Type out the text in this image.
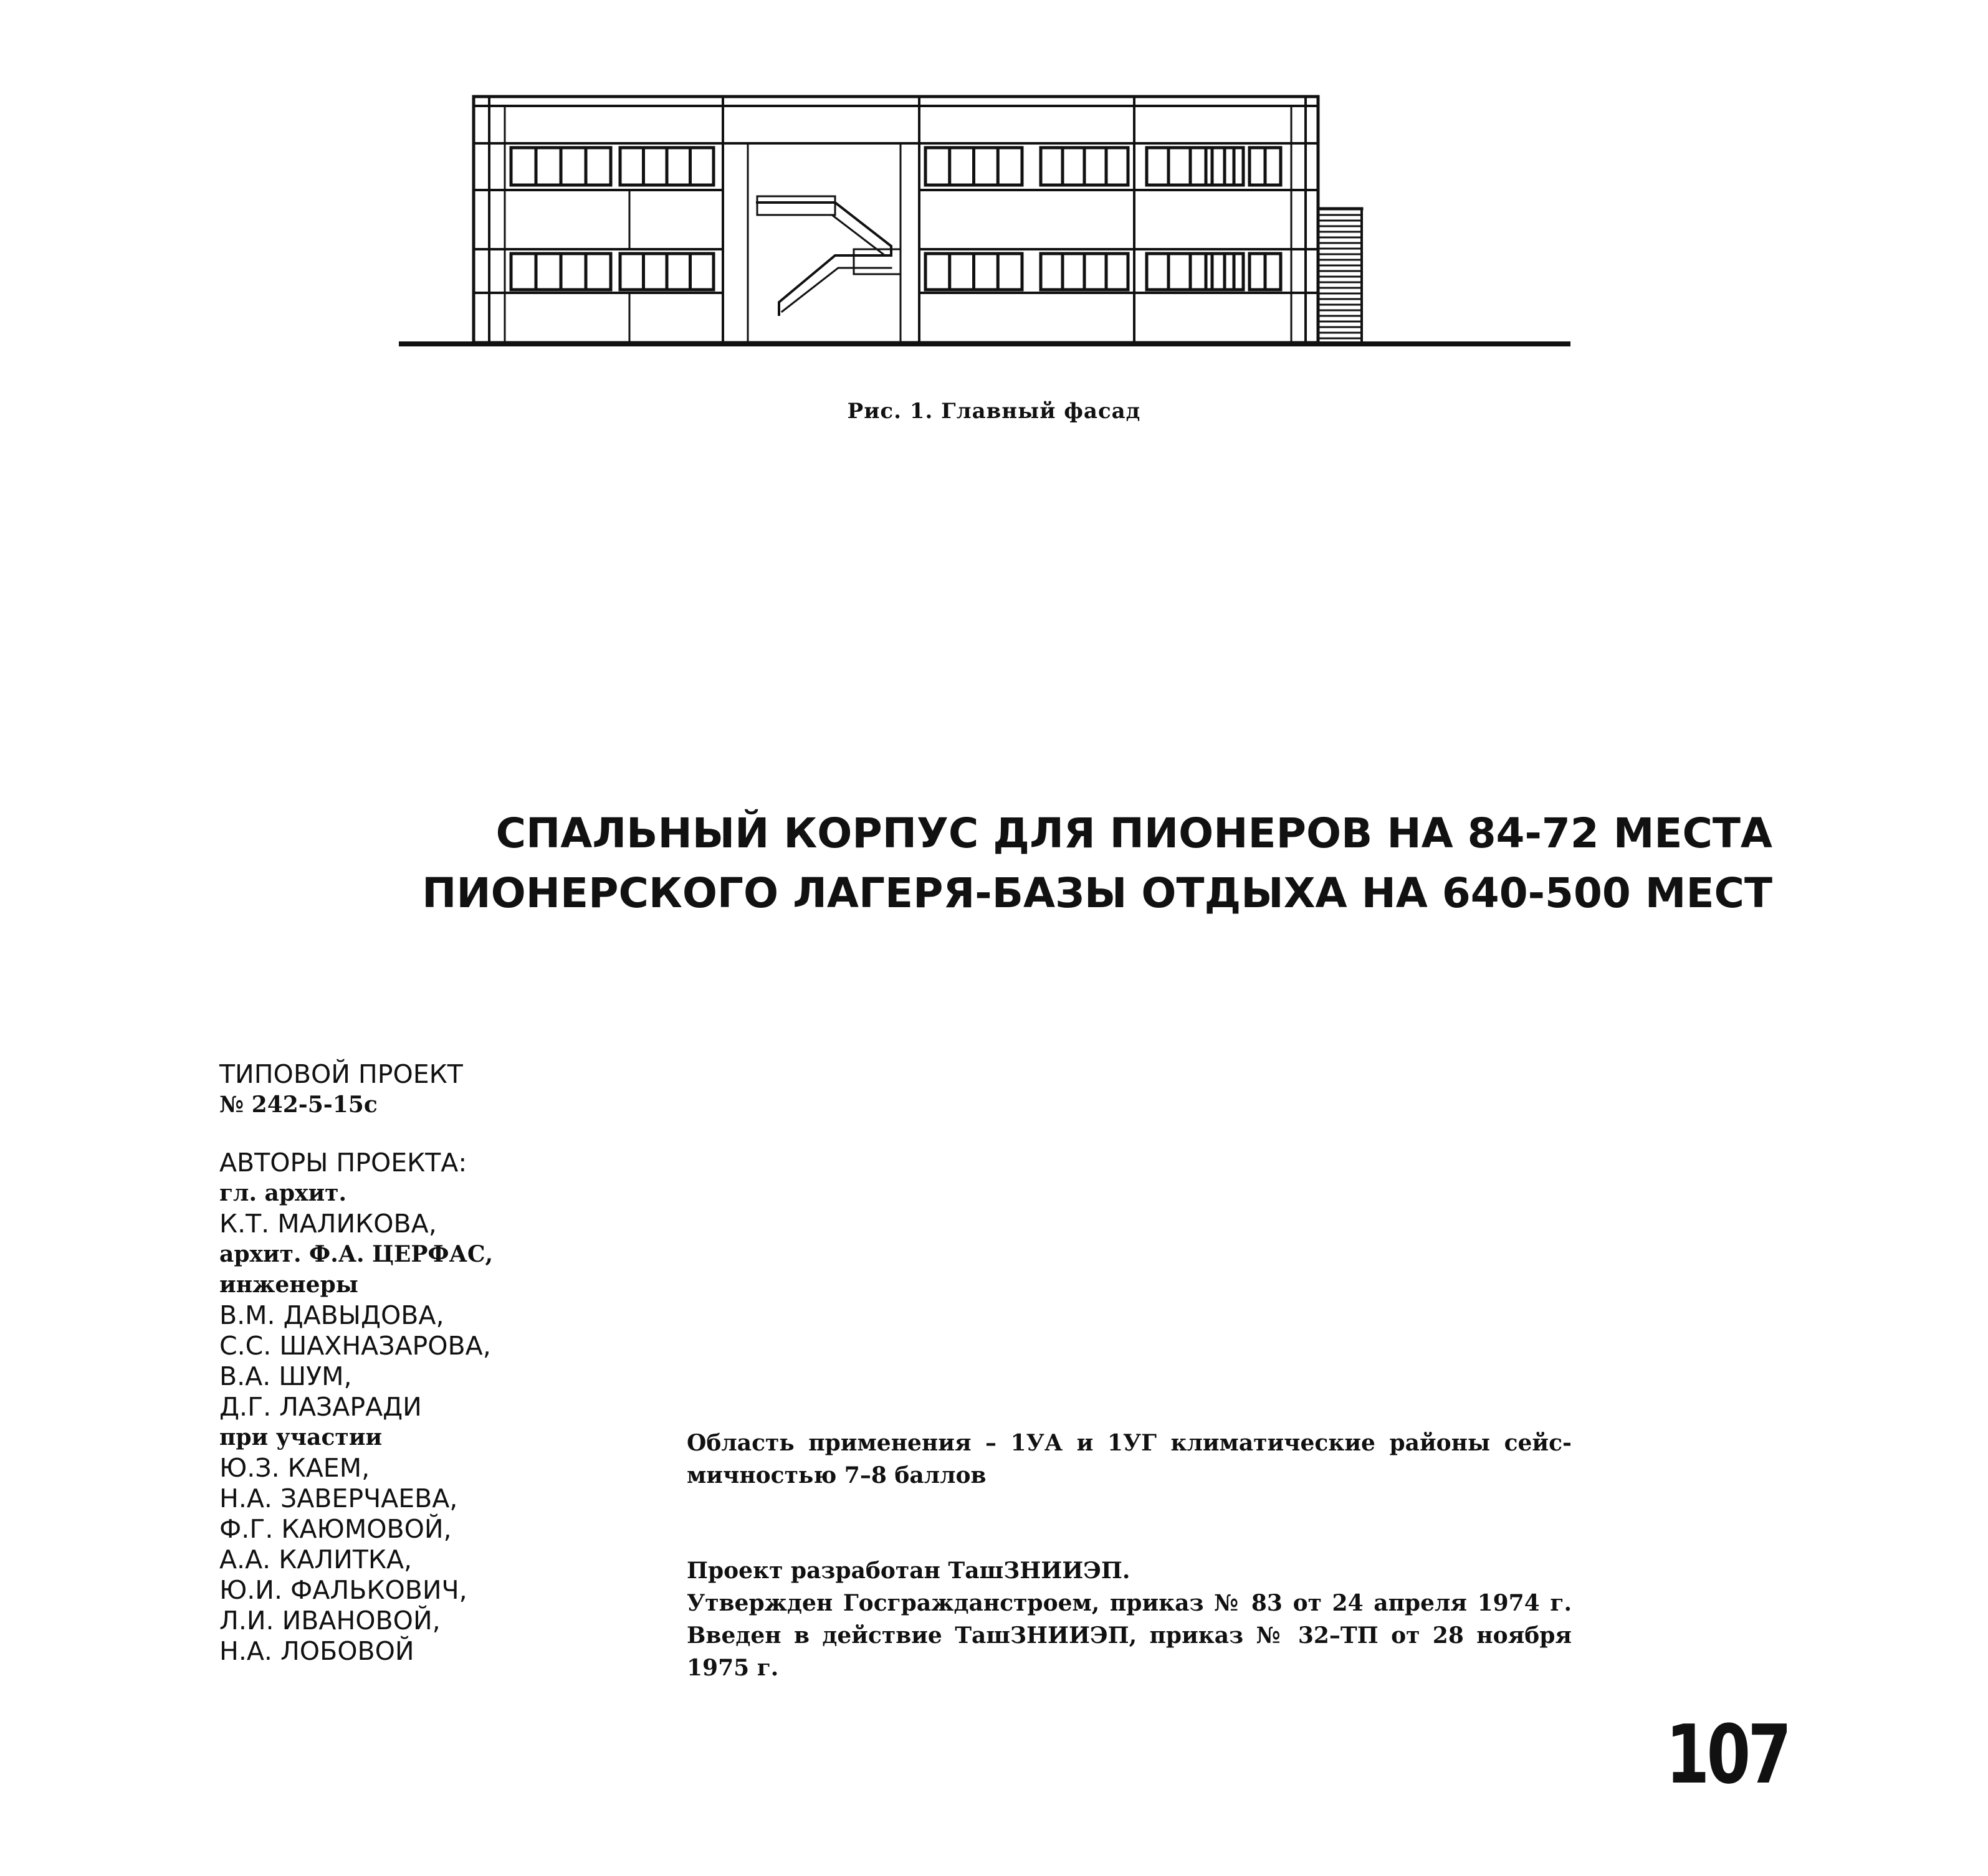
Рис. 1. Главный фасад
СПАЛЬНЫЙ КОРПУС ДЛЯ ПИОНЕРОВ НА 84-72 МЕСТА
ПИОНЕРСКОГО ЛАГЕРЯ-БАЗЫ ОТДЫХА НА 640-500 МЕСТ
ТИПОВОЙ ПРОЕКТ
№ 242-5-15с
АВТОРЫ ПРОЕКТА:
гл. архит.
К.Т. МАЛИКОВА,
архит. Ф.А. ЦЕРФАС,
инженеры
В.М. ДАВЫДОВА,
С.С. ШАХНАЗАРОВА,
В.А. ШУМ,
Д.Г. ЛАЗАРАДИ
при участии
Ю.З. КАЕМ,
Н.А. ЗАВЕРЧАЕВА,
Ф.Г. КАЮМОВОЙ,
А.А. КАЛИТКА,
Ю.И. ФАЛЬКОВИЧ,
Л.И. ИВАНОВОЙ,
Н.А. ЛОБОВОЙ
Область применения – 1УА и 1УГ климатические районы сейс-
мичностью 7–8 баллов
Проект разработан ТашЗНИИЭП.
Утвержден Госгражданстроем, приказ № 83 от 24 апреля 1974 г.
Введен в действие ТашЗНИИЭП, приказ № 32–ТП от 28 ноября
1975 г.
107
